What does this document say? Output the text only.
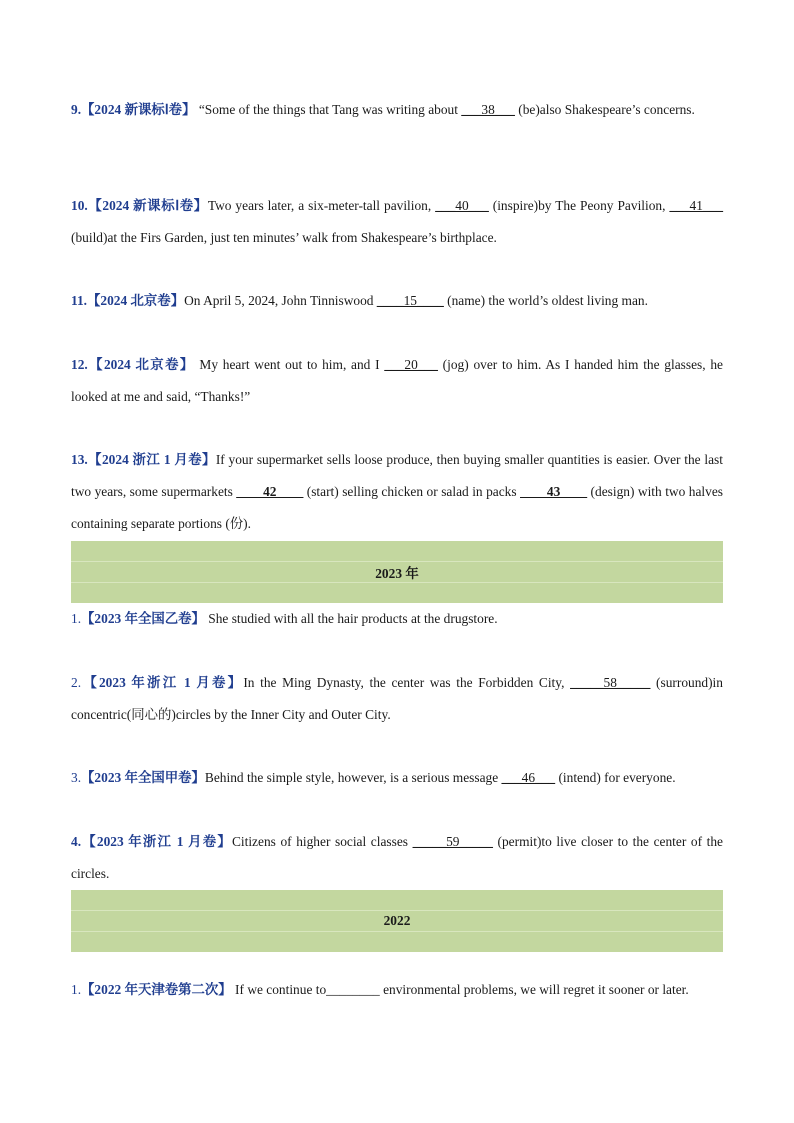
9.【2024 新课标Ⅰ卷】 “Some of the things that Tang was writing about ___38___ (be)also Shakespeare’s concerns.
10.【2024 新课标Ⅰ卷】Two years later, a six-meter-tall pavilion, ___40___ (inspire)by The Peony Pavilion, ___41___ (build)at the Firs Garden, just ten minutes’ walk from Shakespeare’s birthplace.
11.【2024 北京卷】On April 5, 2024, John Tinniswood ____15____ (name) the world’s oldest living man.
12.【2024 北京卷】 My heart went out to him, and I ___20___ (jog) over to him. As I handed him the glasses, he looked at me and said, “Thanks!”
13.【2024 浙江 1 月卷】If your supermarket sells loose produce, then buying smaller quantities is easier. Over the last two years, some supermarkets ____42____ (start) selling chicken or salad in packs ____43____ (design) with two halves containing separate portions (份).
2023 年
1.【2023 年全国乙卷】 She studied with all the hair products at the drugstore.
2.【2023 年浙江 1 月卷】In the Ming Dynasty, the center was the Forbidden City, _____58_____ (surround)in concentric(同心的)circles by the Inner City and Outer City.
3.【2023 年全国甲卷】Behind the simple style, however, is a serious message ___46___ (intend) for everyone.
4.【2023 年浙江 1 月卷】Citizens of higher social classes _____59_____ (permit)to live closer to the center of the circles.
2022
1.【2022 年天津卷第二次】 If we continue to________ environmental problems, we will regret it sooner or later.
